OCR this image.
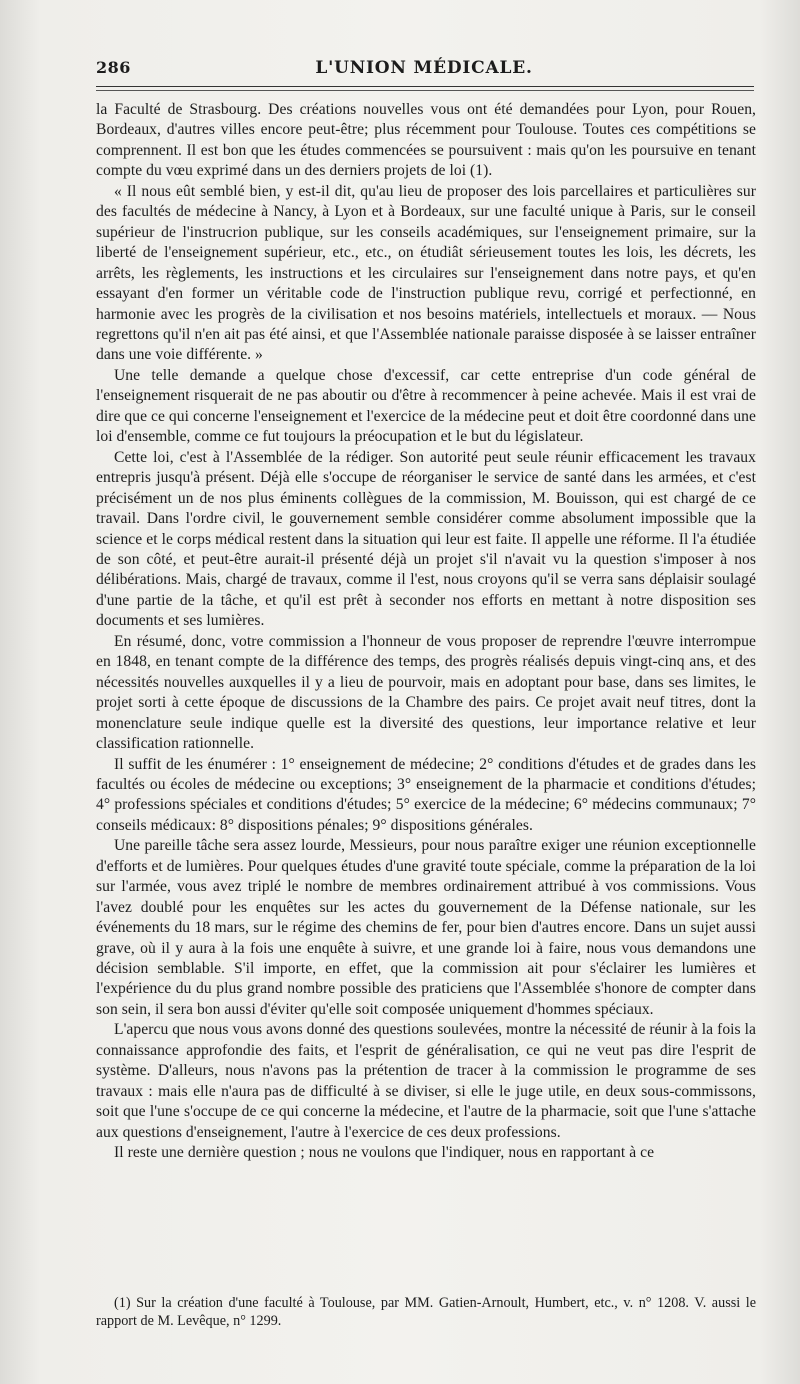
286	L'UNION MÉDICALE.

la Faculté de Strasbourg. Des créations nouvelles vous ont été demandées pour Lyon, pour Rouen, Bordeaux, d'autres villes encore peut-être; plus récemment pour Toulouse. Toutes ces compétitions se comprennent. Il est bon que les études commencées se poursuivent : mais qu'on les poursuive en tenant compte du vœu exprimé dans un des derniers projets de loi (1).

« Il nous eût semblé bien, y est-il dit, qu'au lieu de proposer des lois parcellaires et particulières sur des facultés de médecine à Nancy, à Lyon et à Bordeaux, sur une faculté unique à Paris, sur le conseil supérieur de l'instrucrion publique, sur les conseils académiques, sur l'enseignement primaire, sur la liberté de l'enseignement supérieur, etc., etc., on étudiât sérieusement toutes les lois, les décrets, les arrêts, les règlements, les instructions et les circulaires sur l'enseignement dans notre pays, et qu'en essayant d'en former un véritable code de l'instruction publique revu, corrigé et perfectionné, en harmonie avec les progrès de la civilisation et nos besoins matériels, intellectuels et moraux. — Nous regrettons qu'il n'en ait pas été ainsi, et que l'Assemblée nationale paraisse disposée à se laisser entraîner dans une voie différente. »

Une telle demande a quelque chose d'excessif, car cette entreprise d'un code général de l'enseignement risquerait de ne pas aboutir ou d'être à recommencer à peine achevée. Mais il est vrai de dire que ce qui concerne l'enseignement et l'exercice de la médecine peut et doit être coordonné dans une loi d'ensemble, comme ce fut toujours la préocupation et le but du législateur.

Cette loi, c'est à l'Assemblée de la rédiger. Son autorité peut seule réunir efficacement les travaux entrepris jusqu'à présent. Déjà elle s'occupe de réorganiser le service de santé dans les armées, et c'est précisément un de nos plus éminents collègues de la commission, M. Bouisson, qui est chargé de ce travail. Dans l'ordre civil, le gouvernement semble considérer comme absolument impossible que la science et le corps médical restent dans la situation qui leur est faite. Il appelle une réforme. Il l'a étudiée de son côté, et peut-être aurait-il présenté déjà un projet s'il n'avait vu la question s'imposer à nos délibérations. Mais, chargé de travaux, comme il l'est, nous croyons qu'il se verra sans déplaisir soulagé d'une partie de la tâche, et qu'il est prêt à seconder nos efforts en mettant à notre disposition ses documents et ses lumières.

En résumé, donc, votre commission a l'honneur de vous proposer de reprendre l'œuvre interrompue en 1848, en tenant compte de la différence des temps, des progrès réalisés depuis vingt-cinq ans, et des nécessités nouvelles auxquelles il y a lieu de pourvoir, mais en adoptant pour base, dans ses limites, le projet sorti à cette époque de discussions de la Chambre des pairs. Ce projet avait neuf titres, dont la monenclature seule indique quelle est la diversité des questions, leur importance relative et leur classification rationnelle.

Il suffit de les énumérer : 1° enseignement de médecine; 2° conditions d'études et de grades dans les facultés ou écoles de médecine ou exceptions; 3° enseignement de la pharmacie et conditions d'études; 4° professions spéciales et conditions d'études; 5° exercice de la médecine; 6° médecins communaux; 7° conseils médicaux: 8° dispositions pénales; 9° dispositions générales.

Une pareille tâche sera assez lourde, Messieurs, pour nous paraître exiger une réunion exceptionnelle d'efforts et de lumières. Pour quelques études d'une gravité toute spéciale, comme la préparation de la loi sur l'armée, vous avez triplé le nombre de membres ordinairement attribué à vos commissions. Vous l'avez doublé pour les enquêtes sur les actes du gouvernement de la Défense nationale, sur les événements du 18 mars, sur le régime des chemins de fer, pour bien d'autres encore. Dans un sujet aussi grave, où il y aura à la fois une enquête à suivre, et une grande loi à faire, nous vous demandons une décision semblable. S'il importe, en effet, que la commission ait pour s'éclairer les lumières et l'expérience du du plus grand nombre possible des praticiens que l'Assemblée s'honore de compter dans son sein, il sera bon aussi d'éviter qu'elle soit composée uniquement d'hommes spéciaux.

L'apercu que nous vous avons donné des questions soulevées, montre la nécessité de réunir à la fois la connaissance approfondie des faits, et l'esprit de généralisation, ce qui ne veut pas dire l'esprit de système. D'alleurs, nous n'avons pas la prétention de tracer à la commission le programme de ses travaux : mais elle n'aura pas de difficulté à se diviser, si elle le juge utile, en deux sous-commissons, soit que l'une s'occupe de ce qui concerne la médecine, et l'autre de la pharmacie, soit que l'une s'attache aux questions d'enseignement, l'autre à l'exercice de ces deux professions.

Il reste une dernière question ; nous ne voulons que l'indiquer, nous en rapportant à ce

(1) Sur la création d'une faculté à Toulouse, par MM. Gatien-Arnoult, Humbert, etc., v. n° 1208. V. aussi le rapport de M. Levêque, n° 1299.
